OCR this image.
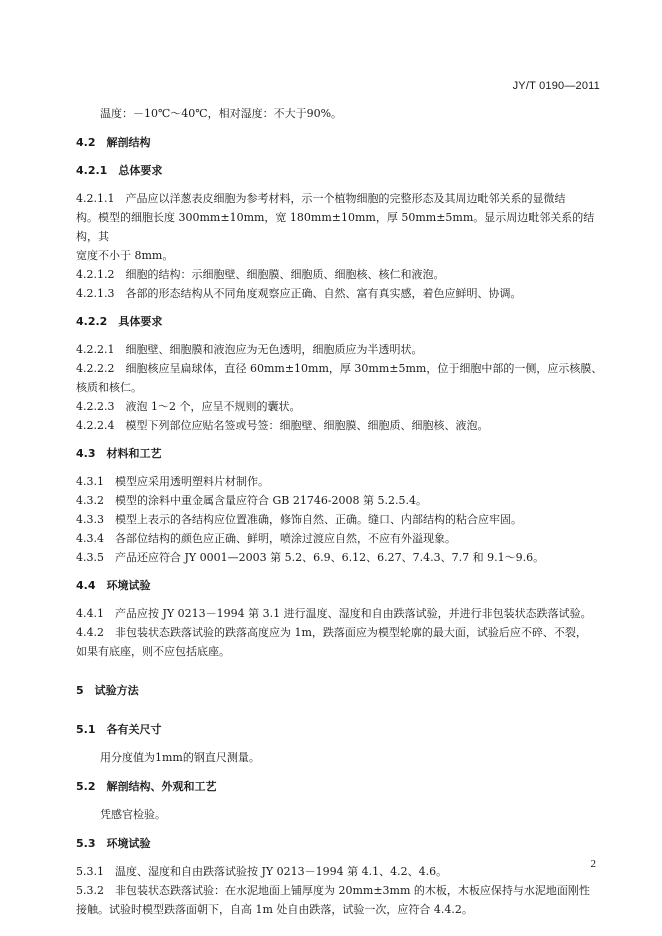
JY/T 0190—2011

温度：－10℃～40℃，相对湿度：不大于90%。

4.2　解剖结构

4.2.1　总体要求

4.2.1.1　产品应以洋葱表皮细胞为参考材料，示一个植物细胞的完整形态及其周边毗邻关系的显微结

构。模型的细胞长度 300mm±10mm，宽 180mm±10mm，厚 50mm±5mm。显示周边毗邻关系的结构，其

宽度不小于 8mm。

4.2.1.2　细胞的结构：示细胞壁、细胞膜、细胞质、细胞核、核仁和液泡。

4.2.1.3　各部的形态结构从不同角度观察应正确、自然、富有真实感，着色应鲜明、协调。

4.2.2　具体要求

4.2.2.1　细胞壁、细胞膜和液泡应为无色透明，细胞质应为半透明状。

4.2.2.2　细胞核应呈扁球体，直径 60mm±10mm，厚 30mm±5mm，位于细胞中部的一侧，应示核膜、

核质和核仁。

4.2.2.3　液泡 1～2 个，应呈不规则的囊状。

4.2.2.4　模型下列部位应贴名签或号签：细胞壁、细胞膜、细胞质、细胞核、液泡。

4.3　材料和工艺

4.3.1　模型应采用透明塑料片材制作。

4.3.2　模型的涂料中重金属含量应符合 GB 21746-2008 第 5.2.5.4。

4.3.3　模型上表示的各结构应位置准确，修饰自然、正确。缝口、内部结构的粘合应牢固。

4.3.4　各部位结构的颜色应正确、鲜明，喷涂过渡应自然，不应有外溢现象。

4.3.5　产品还应符合 JY 0001—2003 第 5.2、6.9、6.12、6.27、7.4.3、7.7 和 9.1～9.6。

4.4　环境试验

4.4.1　产品应按 JY 0213－1994 第 3.1 进行温度、湿度和自由跌落试验，并进行非包装状态跌落试验。

4.4.2　非包装状态跌落试验的跌落高度应为 1m，跌落面应为模型轮廓的最大面，试验后应不碎、不裂，

如果有底座，则不应包括底座。

5　试验方法

5.1　各有关尺寸

用分度值为1mm的钢直尺测量。

5.2　解剖结构、外观和工艺

凭感官检验。

5.3　环境试验

5.3.1　温度、湿度和自由跌落试验按 JY 0213－1994 第 4.1、4.2、4.6。

5.3.2　非包装状态跌落试验：在水泥地面上铺厚度为 20mm±3mm 的木板，木板应保持与水泥地面刚性

接触。试验时模型跌落面朝下，自高 1m 处自由跌落，试验一次，应符合 4.4.2。

2
